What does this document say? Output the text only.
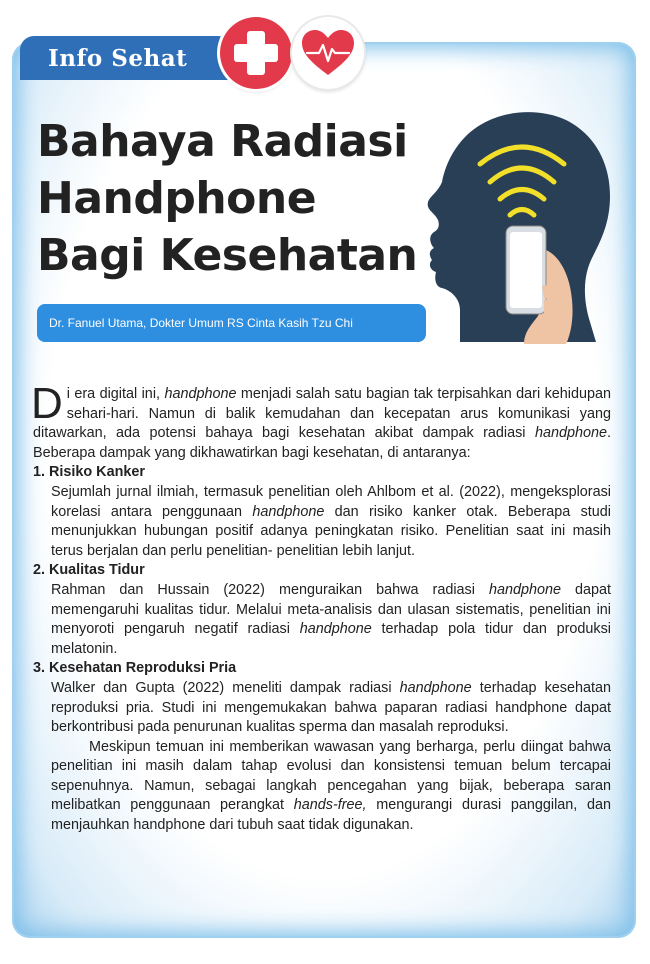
Info Sehat
Bahaya Radiasi
Handphone
Bagi Kesehatan
Dr. Fanuel Utama, Dokter Umum RS Cinta Kasih Tzu Chi

Di era digital ini, handphone menjadi salah satu bagian tak terpisahkan dari kehidupan sehari-hari. Namun di balik kemudahan dan kecepatan arus komunikasi yang ditawarkan, ada potensi bahaya bagi kesehatan akibat dampak radiasi handphone. Beberapa dampak yang dikhawatirkan bagi kesehatan, di antaranya:

1. Risiko Kanker

Sejumlah jurnal ilmiah, termasuk penelitian oleh Ahlbom et al. (2022), mengeksplorasi korelasi antara penggunaan handphone dan risiko kanker otak. Beberapa studi menunjukkan hubungan positif adanya peningkatan risiko. Penelitian saat ini masih terus berjalan dan perlu penelitian- penelitian lebih lanjut.

2. Kualitas Tidur

Rahman dan Hussain (2022) menguraikan bahwa radiasi handphone dapat memengaruhi kualitas tidur. Melalui meta-analisis dan ulasan sistematis, penelitian ini menyoroti pengaruh negatif radiasi handphone terhadap pola tidur dan produksi melatonin.

3. Kesehatan Reproduksi Pria

Walker dan Gupta (2022) meneliti dampak radiasi handphone terhadap kesehatan reproduksi pria. Studi ini mengemukakan bahwa paparan radiasi handphone dapat berkontribusi pada penurunan kualitas sperma dan masalah reproduksi.

Meskipun temuan ini memberikan wawasan yang berharga, perlu diingat bahwa penelitian ini masih dalam tahap evolusi dan konsistensi temuan belum tercapai sepenuhnya. Namun, sebagai langkah pencegahan yang bijak, beberapa saran melibatkan penggunaan perangkat hands-free, mengurangi durasi panggilan, dan menjauhkan handphone dari tubuh saat tidak digunakan.
